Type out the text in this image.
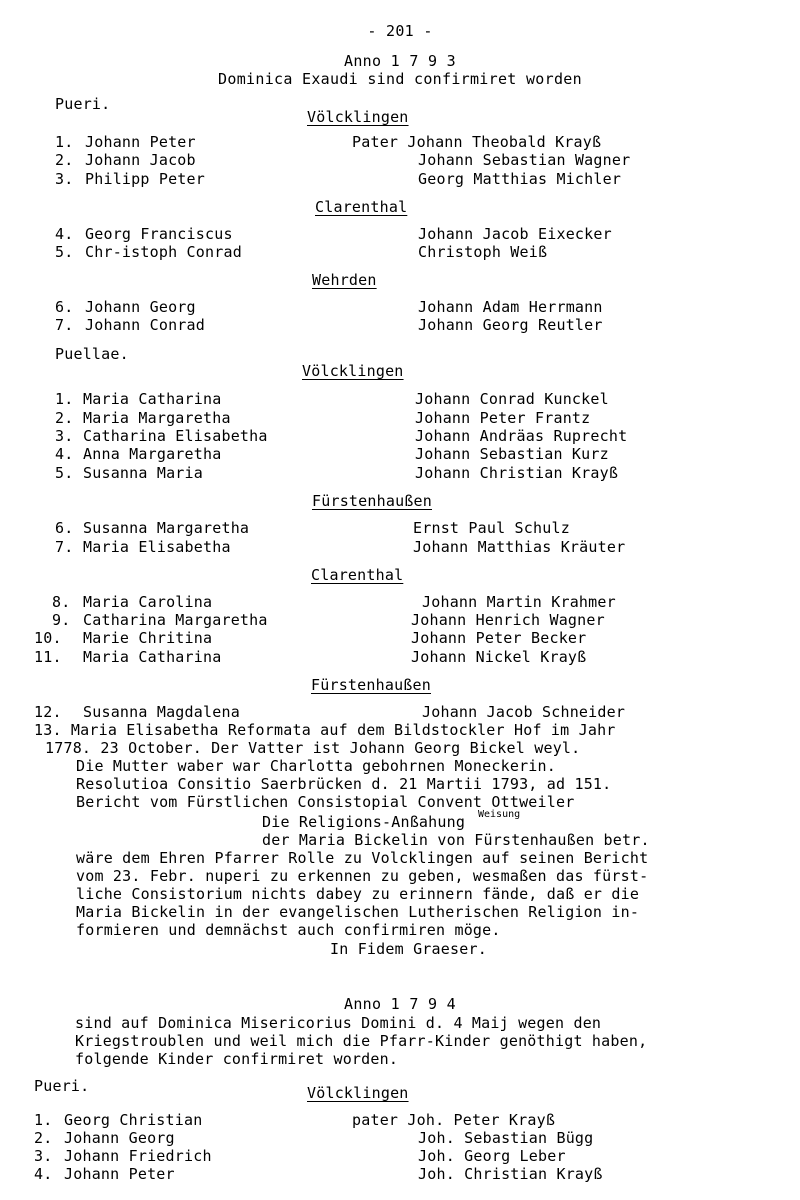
- 201 -
Anno 1 7 9 3
Dominica Exaudi sind confirmiret worden
Pueri.
Völcklingen
1. Johann Peter	Pater Johann Theobald Krayß
2. Johann Jacob	Johann Sebastian Wagner
3. Philipp Peter	Georg Matthias Michler
Clarenthal
4. Georg Franciscus	Johann Jacob Eixecker
5. Chr-istoph Conrad	Christoph Weiß
Wehrden
6. Johann Georg	Johann Adam Herrmann
7. Johann Conrad	Johann Georg Reutler
Puellae.
Völcklingen
1. Maria Catharina	Johann Conrad Kunckel
2. Maria Margaretha	Johann Peter Frantz
3. Catharina Elisabetha	Johann Andräas Ruprecht
4. Anna Margaretha	Johann Sebastian Kurz
5. Susanna Maria	Johann Christian Krayß
Fürstenhaußen
6. Susanna Margaretha	Ernst Paul Schulz
7. Maria Elisabetha	Johann Matthias Kräuter
Clarenthal
8. Maria Carolina	Johann Martin Krahmer
9. Catharina Margaretha	Johann Henrich Wagner
10. Marie Chritina	Johann Peter Becker
11. Maria Catharina	Johann Nickel Krayß
Fürstenhaußen
12. Susanna Magdalena	Johann Jacob Schneider
13. Maria Elisabetha Reformata auf dem Bildstockler Hof im Jahr
1778. 23 October. Der Vatter ist Johann Georg Bickel weyl.
Die Mutter waber war Charlotta gebohrnen Moneckerin.
Resolutioa Consitio Saerbrücken d. 21 Martii 1793, ad 151.
Bericht vom Fürstlichen Consistopial Convent Ottweiler
Weisung
Die Religions-Anßahung
der Maria Bickelin von Fürstenhaußen betr.
wäre dem Ehren Pfarrer Rolle zu Volcklingen auf seinen Bericht
vom 23. Febr. nuperi zu erkennen zu geben, wesmaßen das fürst-
liche Consistorium nichts dabey zu erinnern fände, daß er die
Maria Bickelin in der evangelischen Lutherischen Religion in-
formieren und demnächst auch confirmiren möge.
In Fidem Graeser.
Anno 1 7 9 4
sind auf Dominica Misericorius Domini d. 4 Maij wegen den
Kriegstroublen und weil mich die Pfarr-Kinder genöthigt haben,
folgende Kinder confirmiret worden.
Pueri.	Völcklingen
1. Georg Christian	pater Joh. Peter Krayß
2. Johann Georg	Joh. Sebastian Bügg
3. Johann Friedrich	Joh. Georg Leber
4. Johann Peter	Joh. Christian Krayß
